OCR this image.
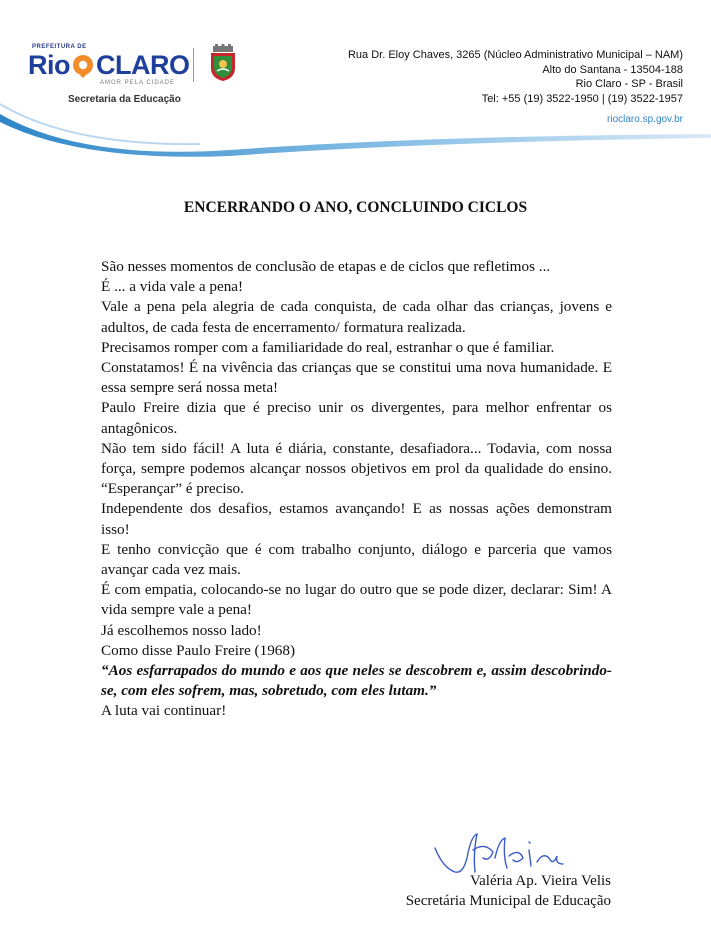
PREFEITURA DE
Rio CLARO
AMOR PELA CIDADE
Secretaria da Educação
Rua Dr. Eloy Chaves, 3265 (Núcleo Administrativo Municipal – NAM)
Alto do Santana - 13504-188
Rio Claro - SP - Brasil
Tel: +55 (19) 3522-1950 | (19) 3522-1957
rioclaro.sp.gov.br
ENCERRANDO O ANO, CONCLUINDO CICLOS

São nesses momentos de conclusão de etapas e de ciclos que refletimos ...

É ... a vida vale a pena!

Vale a pena pela alegria de cada conquista, de cada olhar das crianças, jovens e adultos, de cada festa de encerramento/ formatura realizada.

Precisamos romper com a familiaridade do real, estranhar o que é familiar.

Constatamos! É na vivência das crianças que se constitui uma nova humanidade. E essa sempre será nossa meta!

Paulo Freire dizia que é preciso unir os divergentes, para melhor enfrentar os antagônicos.

Não tem sido fácil! A luta é diária, constante, desafiadora... Todavia, com nossa força, sempre podemos alcançar nossos objetivos em prol da qualidade do ensino. “Esperançar” é preciso.

Independente dos desafios, estamos avançando! E as nossas ações demonstram isso!

E tenho convicção que é com trabalho conjunto, diálogo e parceria que vamos avançar cada vez mais.

É com empatia, colocando-se no lugar do outro que se pode dizer, declarar: Sim! A vida sempre vale a pena!

Já escolhemos nosso lado!

Como disse Paulo Freire (1968)

“Aos esfarrapados do mundo e aos que neles se descobrem e, assim descobrindo-se, com eles sofrem, mas, sobretudo, com eles lutam.”

A luta vai continuar!

Valéria Ap. Vieira Velis
Secretária Municipal de Educação
